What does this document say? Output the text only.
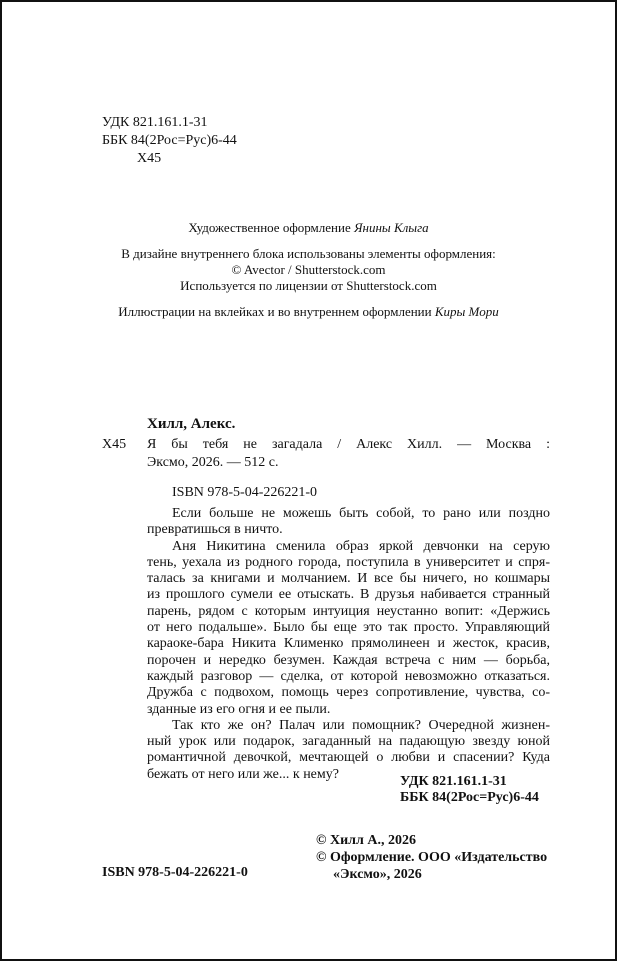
УДК 821.161.1-31
ББК 84(2Рос=Рус)6-44
Х45
Художественное оформление Янины Клыга
В дизайне внутреннего блока использованы элементы оформления:
© Avector / Shutterstock.com
Используется по лицензии от Shutterstock.com
Иллюстрации на вклейках и во внутреннем оформлении Киры Мори
Хилл, Алекс.
Х45 Я бы тебя не загадала / Алекс Хилл. — Москва :
Эксмо, 2026. — 512 с.
ISBN 978-5-04-226221-0
Если больше не можешь быть собой, то рано или поздно
превратишься в ничто.
Аня Никитина сменила образ яркой девчонки на серую
тень, уехала из родного города, поступила в университет и спря-
талась за книгами и молчанием. И все бы ничего, но кошмары
из прошлого сумели ее отыскать. В друзья набивается странный
парень, рядом с которым интуиция неустанно вопит: «Держись
от него подальше». Было бы еще это так просто. Управляющий
караоке-бара Никита Клименко прямолинеен и жесток, красив,
порочен и нередко безумен. Каждая встреча с ним — борьба,
каждый разговор — сделка, от которой невозможно отказаться.
Дружба с подвохом, помощь через сопротивление, чувства, со-
зданные из его огня и ее пыли.
Так кто же он? Палач или помощник? Очередной жизнен-
ный урок или подарок, загаданный на падающую звезду юной
романтичной девочкой, мечтающей о любви и спасении? Куда
бежать от него или же... к нему?	УДК 821.161.1-31
ББК 84(2Рос=Рус)6-44
© Хилл А., 2026
© Оформление. ООО «Издательство
«Эксмо», 2026
ISBN 978-5-04-226221-0
